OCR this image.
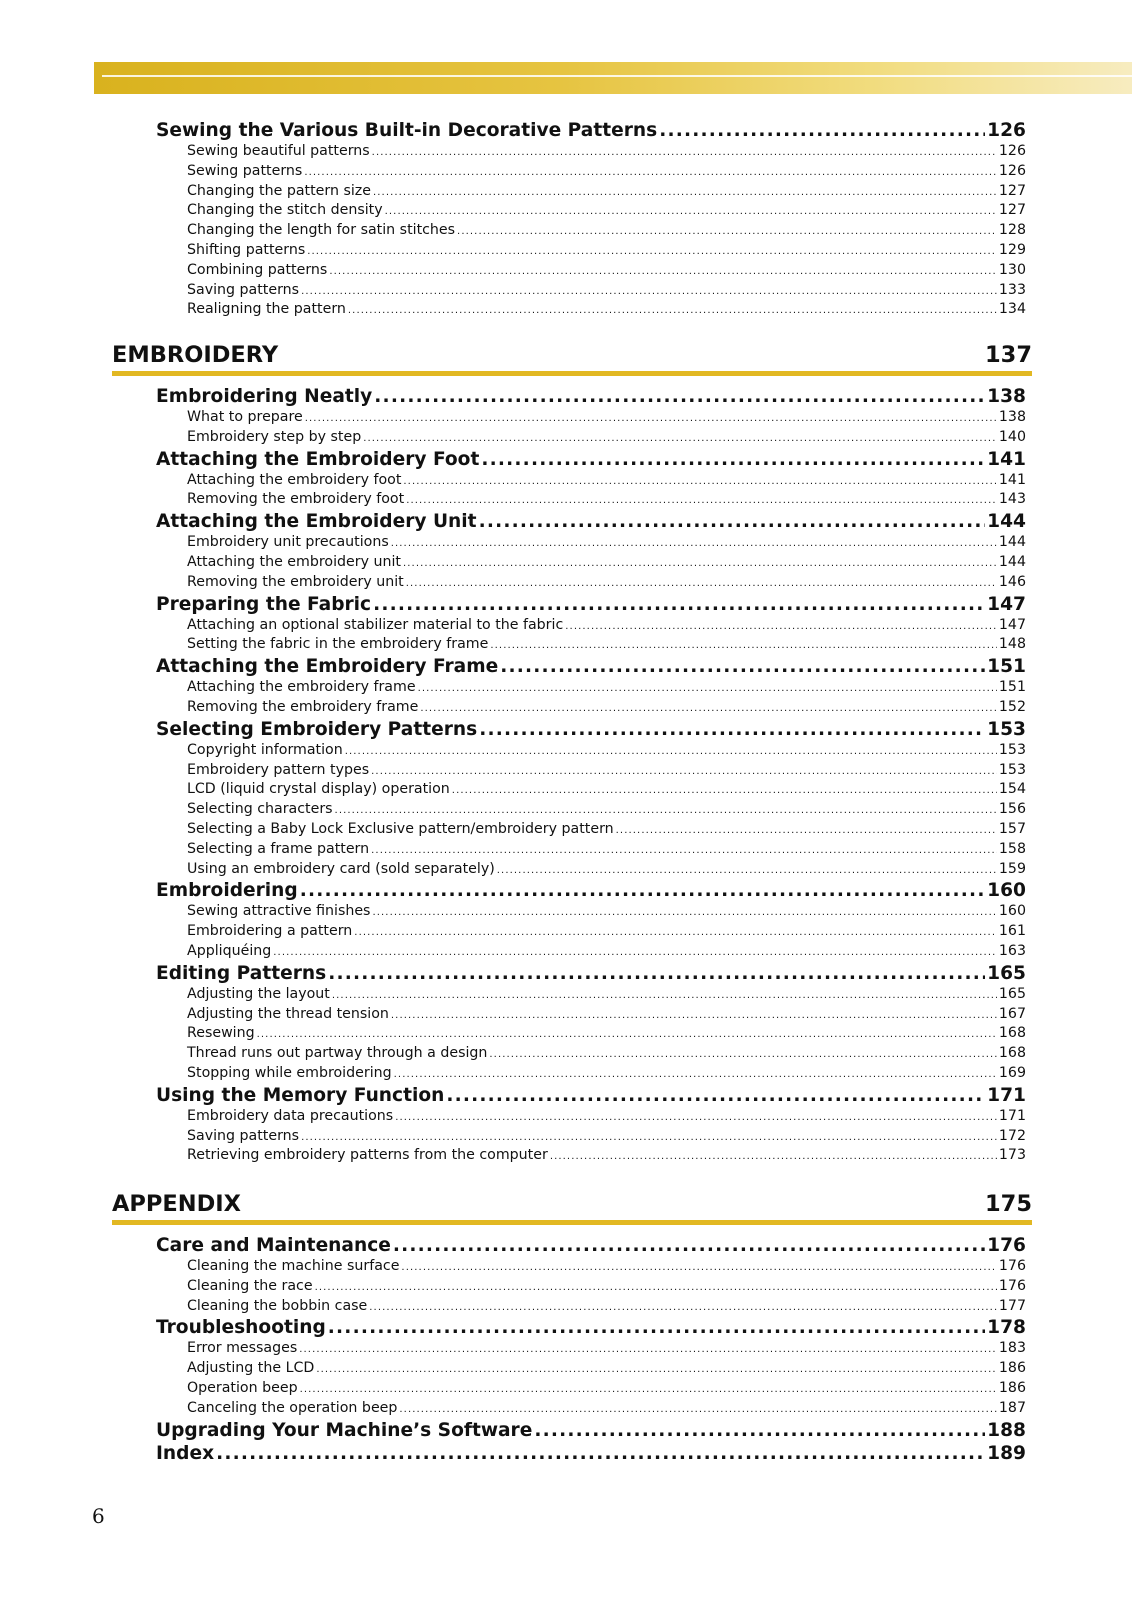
Sewing the Various Built-in Decorative Patterns .....	126
Sewing beautiful patterns .....	126
Sewing patterns .....	126
Changing the pattern size .....	127
Changing the stitch density .....	127
Changing the length for satin stitches .....	128
Shifting patterns .....	129
Combining patterns .....	130
Saving patterns .....	133
Realigning the pattern .....	134
EMBROIDERY	137
Embroidering Neatly .....	138
What to prepare .....	138
Embroidery step by step .....	140
Attaching the Embroidery Foot .....	141
Attaching the embroidery foot .....	141
Removing the embroidery foot .....	143
Attaching the Embroidery Unit .....	144
Embroidery unit precautions .....	144
Attaching the embroidery unit .....	144
Removing the embroidery unit .....	146
Preparing the Fabric .....	147
Attaching an optional stabilizer material to the fabric .....	147
Setting the fabric in the embroidery frame .....	148
Attaching the Embroidery Frame .....	151
Attaching the embroidery frame .....	151
Removing the embroidery frame .....	152
Selecting Embroidery Patterns .....	153
Copyright information .....	153
Embroidery pattern types .....	153
LCD (liquid crystal display) operation .....	154
Selecting characters .....	156
Selecting a Baby Lock Exclusive pattern/embroidery pattern .....	157
Selecting a frame pattern .....	158
Using an embroidery card (sold separately) .....	159
Embroidering .....	160
Sewing attractive finishes .....	160
Embroidering a pattern .....	161
Appliquéing .....	163
Editing Patterns .....	165
Adjusting the layout .....	165
Adjusting the thread tension .....	167
Resewing .....	168
Thread runs out partway through a design .....	168
Stopping while embroidering .....	169
Using the Memory Function .....	171
Embroidery data precautions .....	171
Saving patterns .....	172
Retrieving embroidery patterns from the computer .....	173
APPENDIX	175
Care and Maintenance .....	176
Cleaning the machine surface .....	176
Cleaning the race .....	176
Cleaning the bobbin case .....	177
Troubleshooting .....	178
Error messages .....	183
Adjusting the LCD .....	186
Operation beep .....	186
Canceling the operation beep .....	187
Upgrading Your Machine’s Software .....	188
Index .....	189
6
